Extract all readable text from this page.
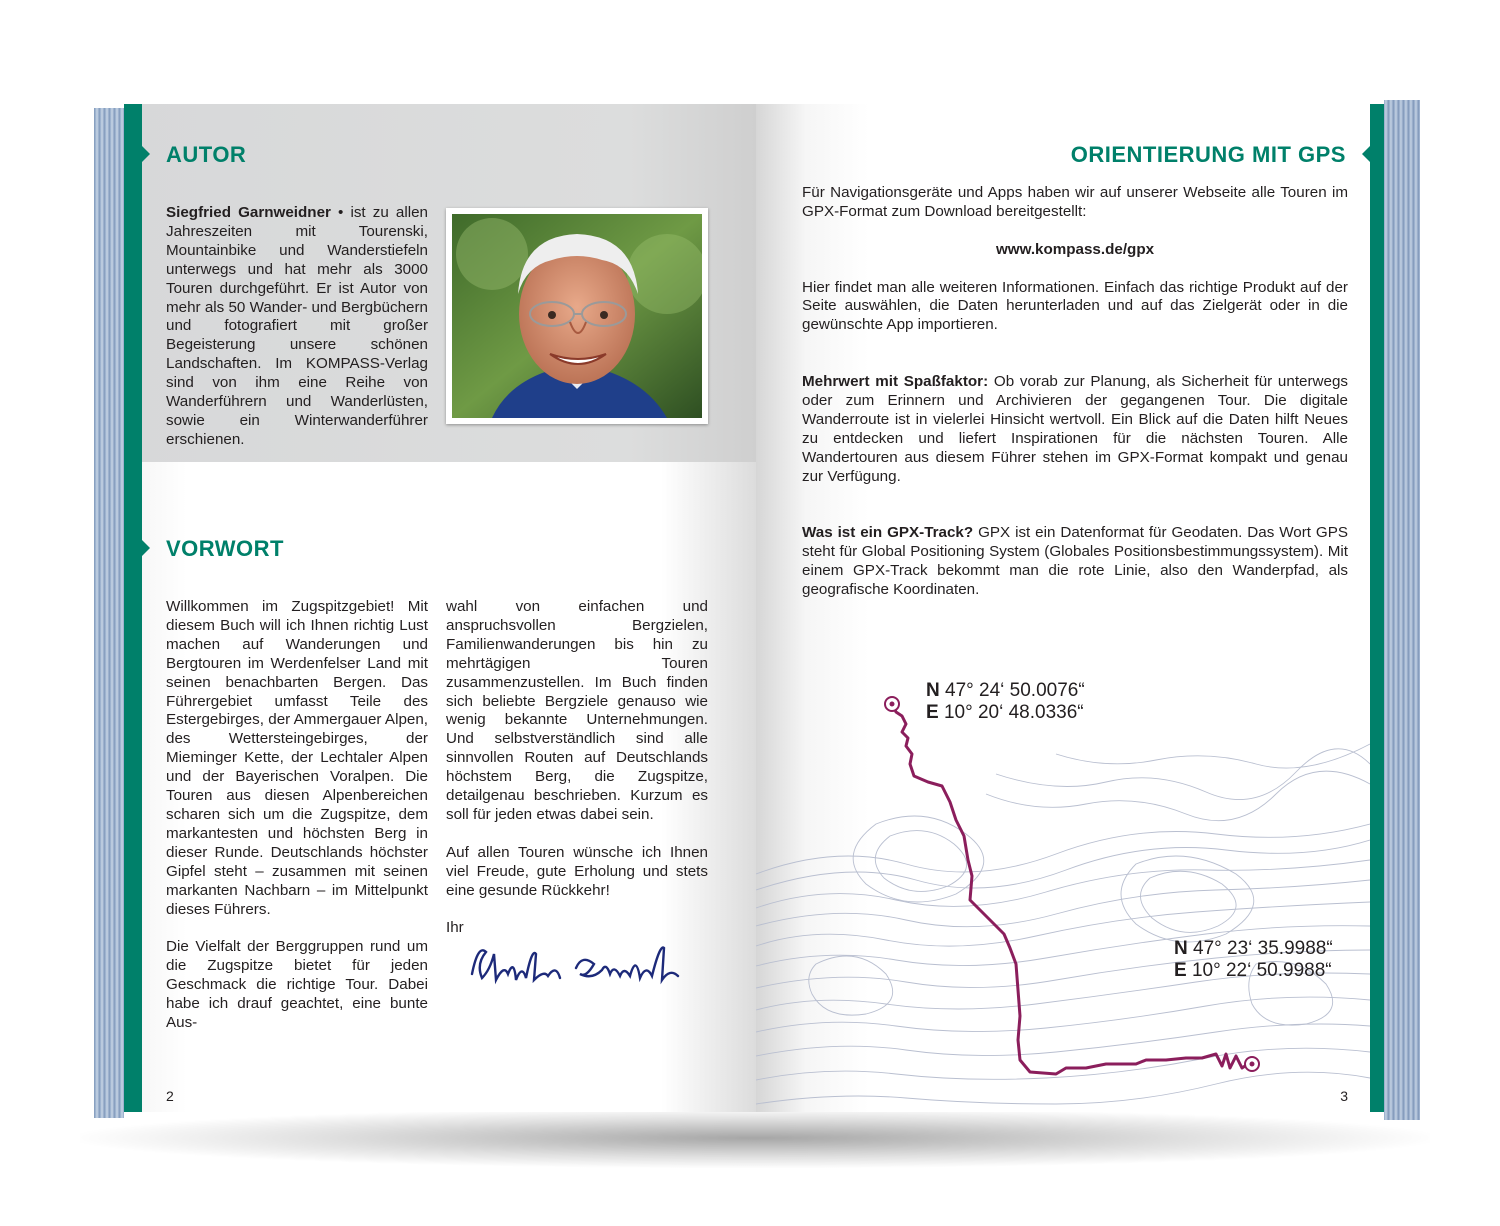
AUTOR

Siegfried Garnweidner • ist zu allen Jahreszeiten mit Tourenski, Mountainbike und Wanderstiefeln unterwegs und hat mehr als 3000 Touren durchgeführt. Er ist Autor von mehr als 50 Wander- und Bergbüchern und fotografiert mit großer Begeisterung unsere schönen Landschaften. Im KOMPASS-Verlag sind von ihm eine Reihe von Wanderführern und Wanderlüsten, sowie ein Winterwanderführer erschienen.

VORWORT

Willkommen im Zugspitzgebiet! Mit diesem Buch will ich Ihnen richtig Lust machen auf Wanderungen und Bergtouren im Werdenfelser Land mit seinen benachbarten Bergen. Das Führergebiet umfasst Teile des Estergebirges, der Ammergauer Alpen, des Wettersteingebirges, der Mieminger Kette, der Lechtaler Alpen und der Bayerischen Voralpen. Die Touren aus diesen Alpenbereichen scharen sich um die Zugspitze, dem markantesten und höchsten Berg in dieser Runde. Deutschlands höchster Gipfel steht – zusammen mit seinen markanten Nachbarn – im Mittelpunkt dieses Führers.

Die Vielfalt der Berggruppen rund um die Zugspitze bietet für jeden Geschmack die richtige Tour. Dabei habe ich drauf geachtet, eine bunte Aus-

wahl von einfachen und anspruchsvollen Bergzielen, Familienwanderungen bis hin zu mehrtägigen Touren zusammenzustellen. Im Buch finden sich beliebte Bergziele genauso wie wenig bekannte Unternehmungen. Und selbstverständlich sind alle sinnvollen Routen auf Deutschlands höchstem Berg, die Zugspitze, detailgenau beschrieben. Kurzum es soll für jeden etwas dabei sein.

Auf allen Touren wünsche ich Ihnen viel Freude, gute Erholung und stets eine gesunde Rückkehr!

Ihr

2
ORIENTIERUNG MIT GPS

Für Navigationsgeräte und Apps haben wir auf unserer Webseite alle Touren im GPX-Format zum Download bereitgestellt:

www.kompass.de/gpx

Hier findet man alle weiteren Informationen. Einfach das richtige Produkt auf der Seite auswählen, die Daten herunterladen und auf das Zielgerät oder in die gewünschte App importieren.

Mehrwert mit Spaßfaktor: Ob vorab zur Planung, als Sicherheit für unterwegs oder zum Erinnern und Archivieren der gegangenen Tour. Die digitale Wanderroute ist in vielerlei Hinsicht wertvoll. Ein Blick auf die Daten hilft Neues zu entdecken und liefert Inspirationen für die nächsten Touren. Alle Wandertouren aus diesem Führer stehen im GPX-Format kompakt und genau zur Verfügung.

Was ist ein GPX-Track? GPX ist ein Datenformat für Geodaten. Das Wort GPS steht für Global Positioning System (Globales Positionsbestimmungssystem). Mit einem GPX-Track bekommt man die rote Linie, also den Wanderpfad, als geografische Koordinaten.

N 47° 24‘ 50.0076“
E 10° 20‘ 48.0336“
N 47° 23‘ 35.9988“
E 10° 22‘ 50.9988“
3
